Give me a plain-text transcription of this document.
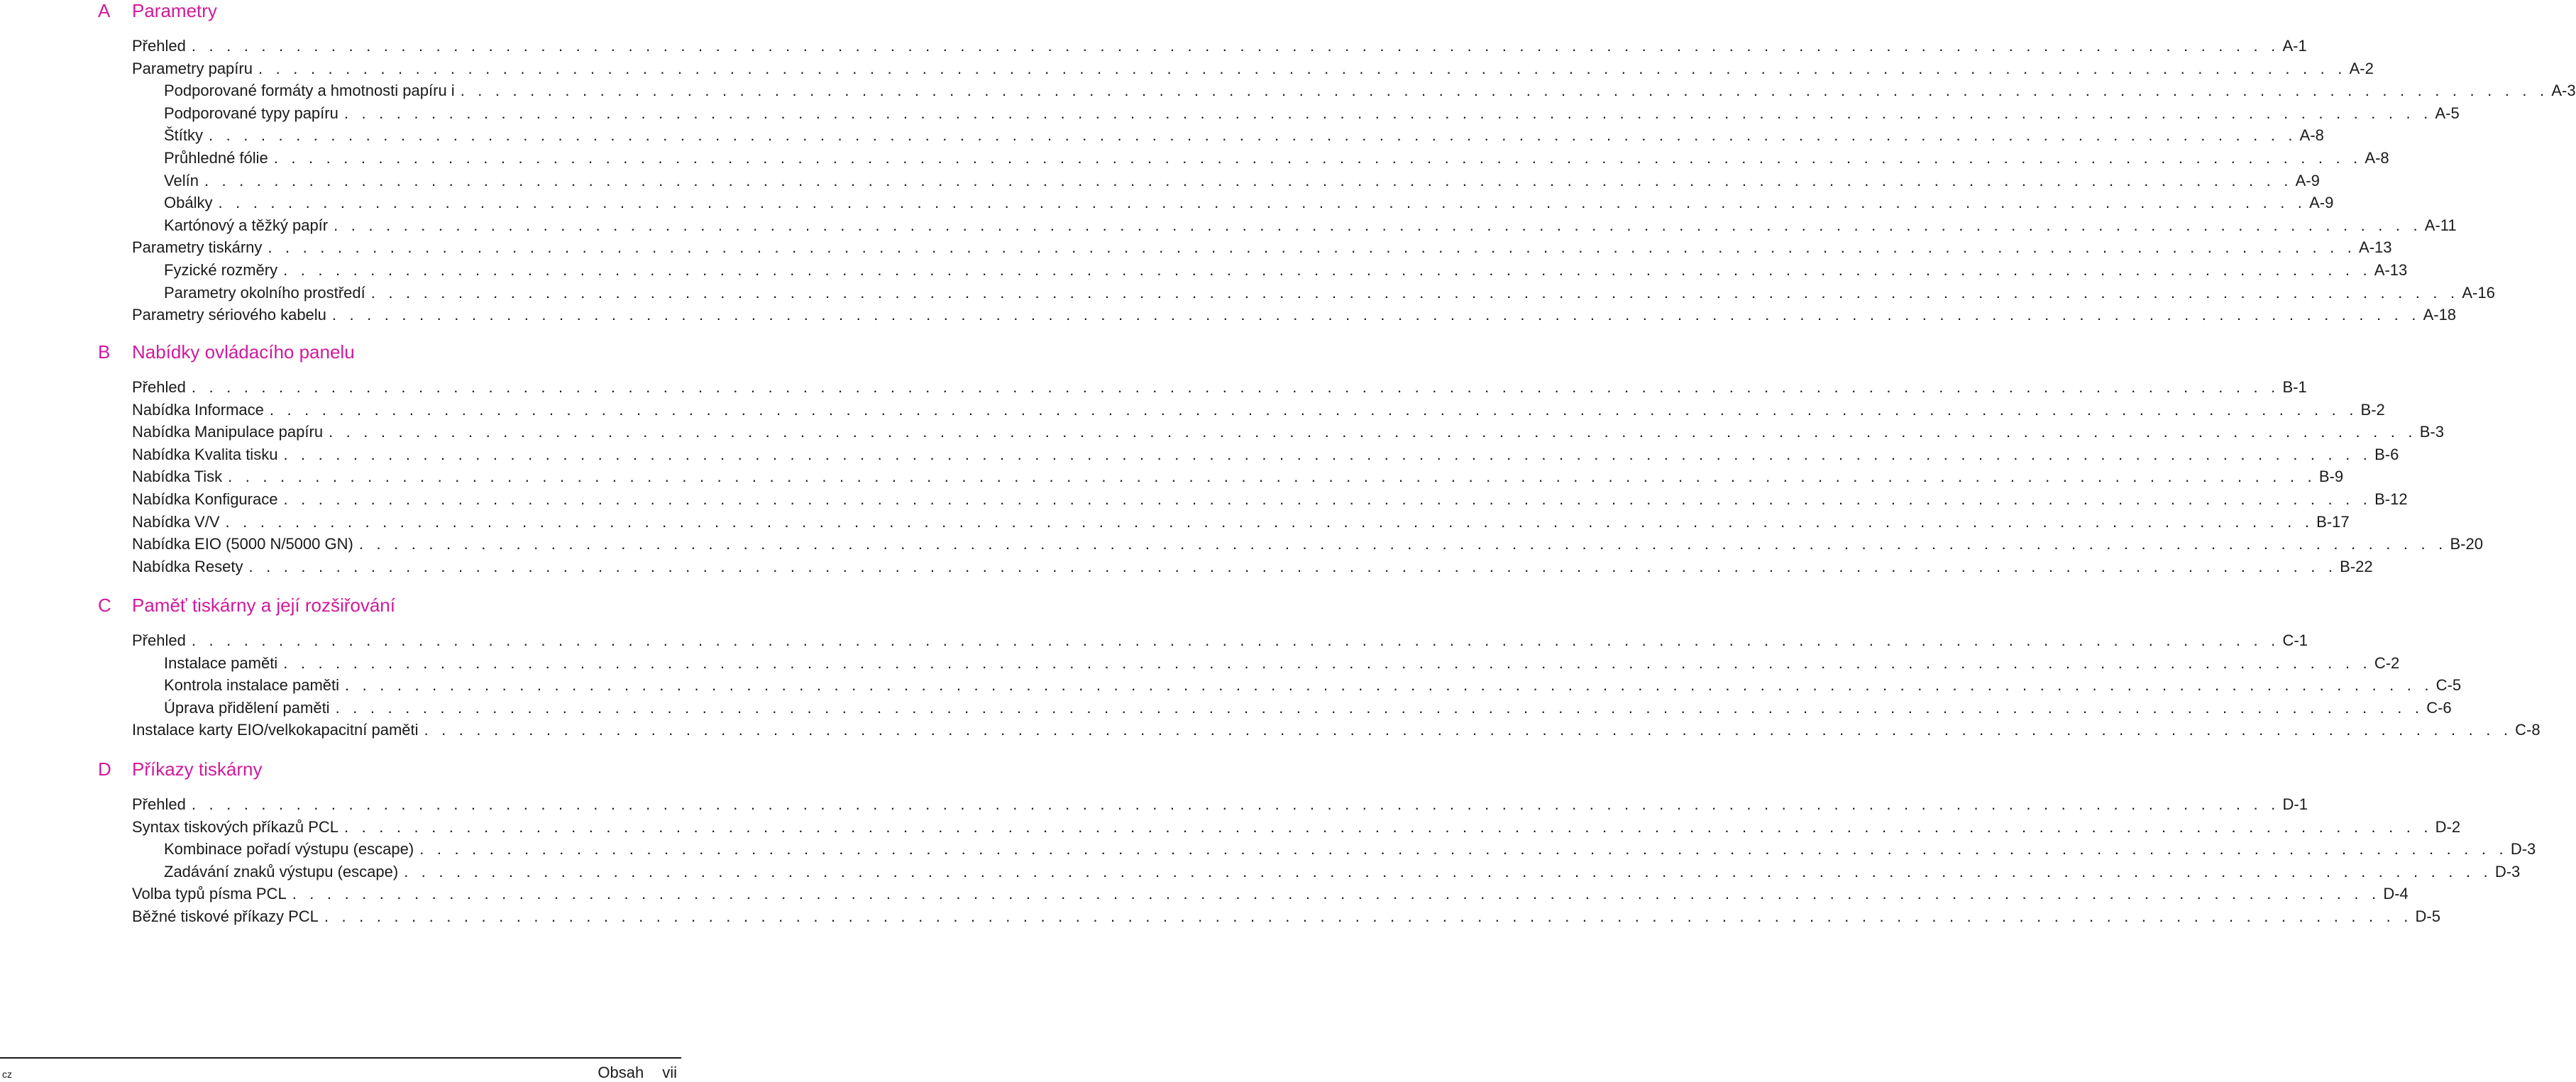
A Parametry
Přehled . . . . . . . . . . . . . . . . . . . . . . . . . . . . . . . . . . . . . . . . . . . . . . . . . . . . . . . . . . . . . . . . . . . . . . . . . . . . . . . . . . . . . . . . . . . . . . . . . . . . . . . . . . . . . . . . . . . . . . . . A-1
Parametry papíru . . . . . . . . . . . . . . . . . . . . . . . . . . . . . . . . . . . . . . . . . . . . . . . . . . . . . . . . . . . . . . . . . . . . . . . . . . . . . . . . . . . . . . . . . . . . . . . . . . . . . . . . . . . . . . . . . . . . . . . . A-2
Podporované formáty a hmotnosti papíru i . . . . . . . . . . . . . . . . . . . . . . . . . . . . . . . . . . . . . . . . . . . . . . . . . . . . . . . . . . . . . . . . . . . . . . . . . . . . . . . . . . . . . . . . . . . . . . . . . . . . . . . . . . . . . . . . . . . . . . . . A-3
Podporované typy papíru . . . . . . . . . . . . . . . . . . . . . . . . . . . . . . . . . . . . . . . . . . . . . . . . . . . . . . . . . . . . . . . . . . . . . . . . . . . . . . . . . . . . . . . . . . . . . . . . . . . . . . . . . . . . . . . . . . . . . . . . A-5
Štítky . . . . . . . . . . . . . . . . . . . . . . . . . . . . . . . . . . . . . . . . . . . . . . . . . . . . . . . . . . . . . . . . . . . . . . . . . . . . . . . . . . . . . . . . . . . . . . . . . . . . . . . . . . . . . . . . . . . . . . . . A-8
Průhledné fólie . . . . . . . . . . . . . . . . . . . . . . . . . . . . . . . . . . . . . . . . . . . . . . . . . . . . . . . . . . . . . . . . . . . . . . . . . . . . . . . . . . . . . . . . . . . . . . . . . . . . . . . . . . . . . . . . . . . . . . . . A-8
Velín . . . . . . . . . . . . . . . . . . . . . . . . . . . . . . . . . . . . . . . . . . . . . . . . . . . . . . . . . . . . . . . . . . . . . . . . . . . . . . . . . . . . . . . . . . . . . . . . . . . . . . . . . . . . . . . . . . . . . . . . A-9
Obálky . . . . . . . . . . . . . . . . . . . . . . . . . . . . . . . . . . . . . . . . . . . . . . . . . . . . . . . . . . . . . . . . . . . . . . . . . . . . . . . . . . . . . . . . . . . . . . . . . . . . . . . . . . . . . . . . . . . . . . . . A-9
Kartónový a těžký papír . . . . . . . . . . . . . . . . . . . . . . . . . . . . . . . . . . . . . . . . . . . . . . . . . . . . . . . . . . . . . . . . . . . . . . . . . . . . . . . . . . . . . . . . . . . . . . . . . . . . . . . . . . . . . . . . . . . . . . . . A-11
Parametry tiskárny . . . . . . . . . . . . . . . . . . . . . . . . . . . . . . . . . . . . . . . . . . . . . . . . . . . . . . . . . . . . . . . . . . . . . . . . . . . . . . . . . . . . . . . . . . . . . . . . . . . . . . . . . . . . . . . . . . . . . . . . A-13
Fyzické rozměry . . . . . . . . . . . . . . . . . . . . . . . . . . . . . . . . . . . . . . . . . . . . . . . . . . . . . . . . . . . . . . . . . . . . . . . . . . . . . . . . . . . . . . . . . . . . . . . . . . . . . . . . . . . . . . . . . . . . . . . . A-13
Parametry okolního prostředí . . . . . . . . . . . . . . . . . . . . . . . . . . . . . . . . . . . . . . . . . . . . . . . . . . . . . . . . . . . . . . . . . . . . . . . . . . . . . . . . . . . . . . . . . . . . . . . . . . . . . . . . . . . . . . . . . . . . . . . . A-16
Parametry sériového kabelu . . . . . . . . . . . . . . . . . . . . . . . . . . . . . . . . . . . . . . . . . . . . . . . . . . . . . . . . . . . . . . . . . . . . . . . . . . . . . . . . . . . . . . . . . . . . . . . . . . . . . . . . . . . . . . . . . . . . . . . . A-18
B Nabídky ovládacího panelu
Přehled . . . . . . . . . . . . . . . . . . . . . . . . . . . . . . . . . . . . . . . . . . . . . . . . . . . . . . . . . . . . . . . . . . . . . . . . . . . . . . . . . . . . . . . . . . . . . . . . . . . . . . . . . . . . . . . . . . . . . . . . B-1
Nabídka Informace . . . . . . . . . . . . . . . . . . . . . . . . . . . . . . . . . . . . . . . . . . . . . . . . . . . . . . . . . . . . . . . . . . . . . . . . . . . . . . . . . . . . . . . . . . . . . . . . . . . . . . . . . . . . . . . . . . . . . . . . B-2
Nabídka Manipulace papíru . . . . . . . . . . . . . . . . . . . . . . . . . . . . . . . . . . . . . . . . . . . . . . . . . . . . . . . . . . . . . . . . . . . . . . . . . . . . . . . . . . . . . . . . . . . . . . . . . . . . . . . . . . . . . . . . . . . . . . . . B-3
Nabídka Kvalita tisku . . . . . . . . . . . . . . . . . . . . . . . . . . . . . . . . . . . . . . . . . . . . . . . . . . . . . . . . . . . . . . . . . . . . . . . . . . . . . . . . . . . . . . . . . . . . . . . . . . . . . . . . . . . . . . . . . . . . . . . . B-6
Nabídka Tisk . . . . . . . . . . . . . . . . . . . . . . . . . . . . . . . . . . . . . . . . . . . . . . . . . . . . . . . . . . . . . . . . . . . . . . . . . . . . . . . . . . . . . . . . . . . . . . . . . . . . . . . . . . . . . . . . . . . . . . . . B-9
Nabídka Konfigurace . . . . . . . . . . . . . . . . . . . . . . . . . . . . . . . . . . . . . . . . . . . . . . . . . . . . . . . . . . . . . . . . . . . . . . . . . . . . . . . . . . . . . . . . . . . . . . . . . . . . . . . . . . . . . . . . . . . . . . . . B-12
Nabídka V/V . . . . . . . . . . . . . . . . . . . . . . . . . . . . . . . . . . . . . . . . . . . . . . . . . . . . . . . . . . . . . . . . . . . . . . . . . . . . . . . . . . . . . . . . . . . . . . . . . . . . . . . . . . . . . . . . . . . . . . . . B-17
Nabídka EIO (5000 N/5000 GN) . . . . . . . . . . . . . . . . . . . . . . . . . . . . . . . . . . . . . . . . . . . . . . . . . . . . . . . . . . . . . . . . . . . . . . . . . . . . . . . . . . . . . . . . . . . . . . . . . . . . . . . . . . . . . . . . . . . . . . . . B-20
Nabídka Resety . . . . . . . . . . . . . . . . . . . . . . . . . . . . . . . . . . . . . . . . . . . . . . . . . . . . . . . . . . . . . . . . . . . . . . . . . . . . . . . . . . . . . . . . . . . . . . . . . . . . . . . . . . . . . . . . . . . . . . . . B-22
C Paměť tiskárny a její rozšiřování
Přehled . . . . . . . . . . . . . . . . . . . . . . . . . . . . . . . . . . . . . . . . . . . . . . . . . . . . . . . . . . . . . . . . . . . . . . . . . . . . . . . . . . . . . . . . . . . . . . . . . . . . . . . . . . . . . . . . . . . . . . . . C-1
Instalace paměti . . . . . . . . . . . . . . . . . . . . . . . . . . . . . . . . . . . . . . . . . . . . . . . . . . . . . . . . . . . . . . . . . . . . . . . . . . . . . . . . . . . . . . . . . . . . . . . . . . . . . . . . . . . . . . . . . . . . . . . . C-2
Kontrola instalace paměti . . . . . . . . . . . . . . . . . . . . . . . . . . . . . . . . . . . . . . . . . . . . . . . . . . . . . . . . . . . . . . . . . . . . . . . . . . . . . . . . . . . . . . . . . . . . . . . . . . . . . . . . . . . . . . . . . . . . . . . . C-5
Úprava přidělení paměti . . . . . . . . . . . . . . . . . . . . . . . . . . . . . . . . . . . . . . . . . . . . . . . . . . . . . . . . . . . . . . . . . . . . . . . . . . . . . . . . . . . . . . . . . . . . . . . . . . . . . . . . . . . . . . . . . . . . . . . . C-6
Instalace karty EIO/velkokapacitní paměti . . . . . . . . . . . . . . . . . . . . . . . . . . . . . . . . . . . . . . . . . . . . . . . . . . . . . . . . . . . . . . . . . . . . . . . . . . . . . . . . . . . . . . . . . . . . . . . . . . . . . . . . . . . . . . . . . . . . . . . . C-8
D Příkazy tiskárny
Přehled . . . . . . . . . . . . . . . . . . . . . . . . . . . . . . . . . . . . . . . . . . . . . . . . . . . . . . . . . . . . . . . . . . . . . . . . . . . . . . . . . . . . . . . . . . . . . . . . . . . . . . . . . . . . . . . . . . . . . . . . D-1
Syntax tiskových příkazů PCL . . . . . . . . . . . . . . . . . . . . . . . . . . . . . . . . . . . . . . . . . . . . . . . . . . . . . . . . . . . . . . . . . . . . . . . . . . . . . . . . . . . . . . . . . . . . . . . . . . . . . . . . . . . . . . . . . . . . . . . . D-2
Kombinace pořadí výstupu (escape) . . . . . . . . . . . . . . . . . . . . . . . . . . . . . . . . . . . . . . . . . . . . . . . . . . . . . . . . . . . . . . . . . . . . . . . . . . . . . . . . . . . . . . . . . . . . . . . . . . . . . . . . . . . . . . . . . . . . . . . . D-3
Zadávání znaků výstupu (escape) . . . . . . . . . . . . . . . . . . . . . . . . . . . . . . . . . . . . . . . . . . . . . . . . . . . . . . . . . . . . . . . . . . . . . . . . . . . . . . . . . . . . . . . . . . . . . . . . . . . . . . . . . . . . . . . . . . . . . . . . D-3
Volba typů písma PCL . . . . . . . . . . . . . . . . . . . . . . . . . . . . . . . . . . . . . . . . . . . . . . . . . . . . . . . . . . . . . . . . . . . . . . . . . . . . . . . . . . . . . . . . . . . . . . . . . . . . . . . . . . . . . . . . . . . . . . . . D-4
Běžné tiskové příkazy PCL . . . . . . . . . . . . . . . . . . . . . . . . . . . . . . . . . . . . . . . . . . . . . . . . . . . . . . . . . . . . . . . . . . . . . . . . . . . . . . . . . . . . . . . . . . . . . . . . . . . . . . . . . . . . . . . . . . . . . . . . D-5
cz	Obsah vii
